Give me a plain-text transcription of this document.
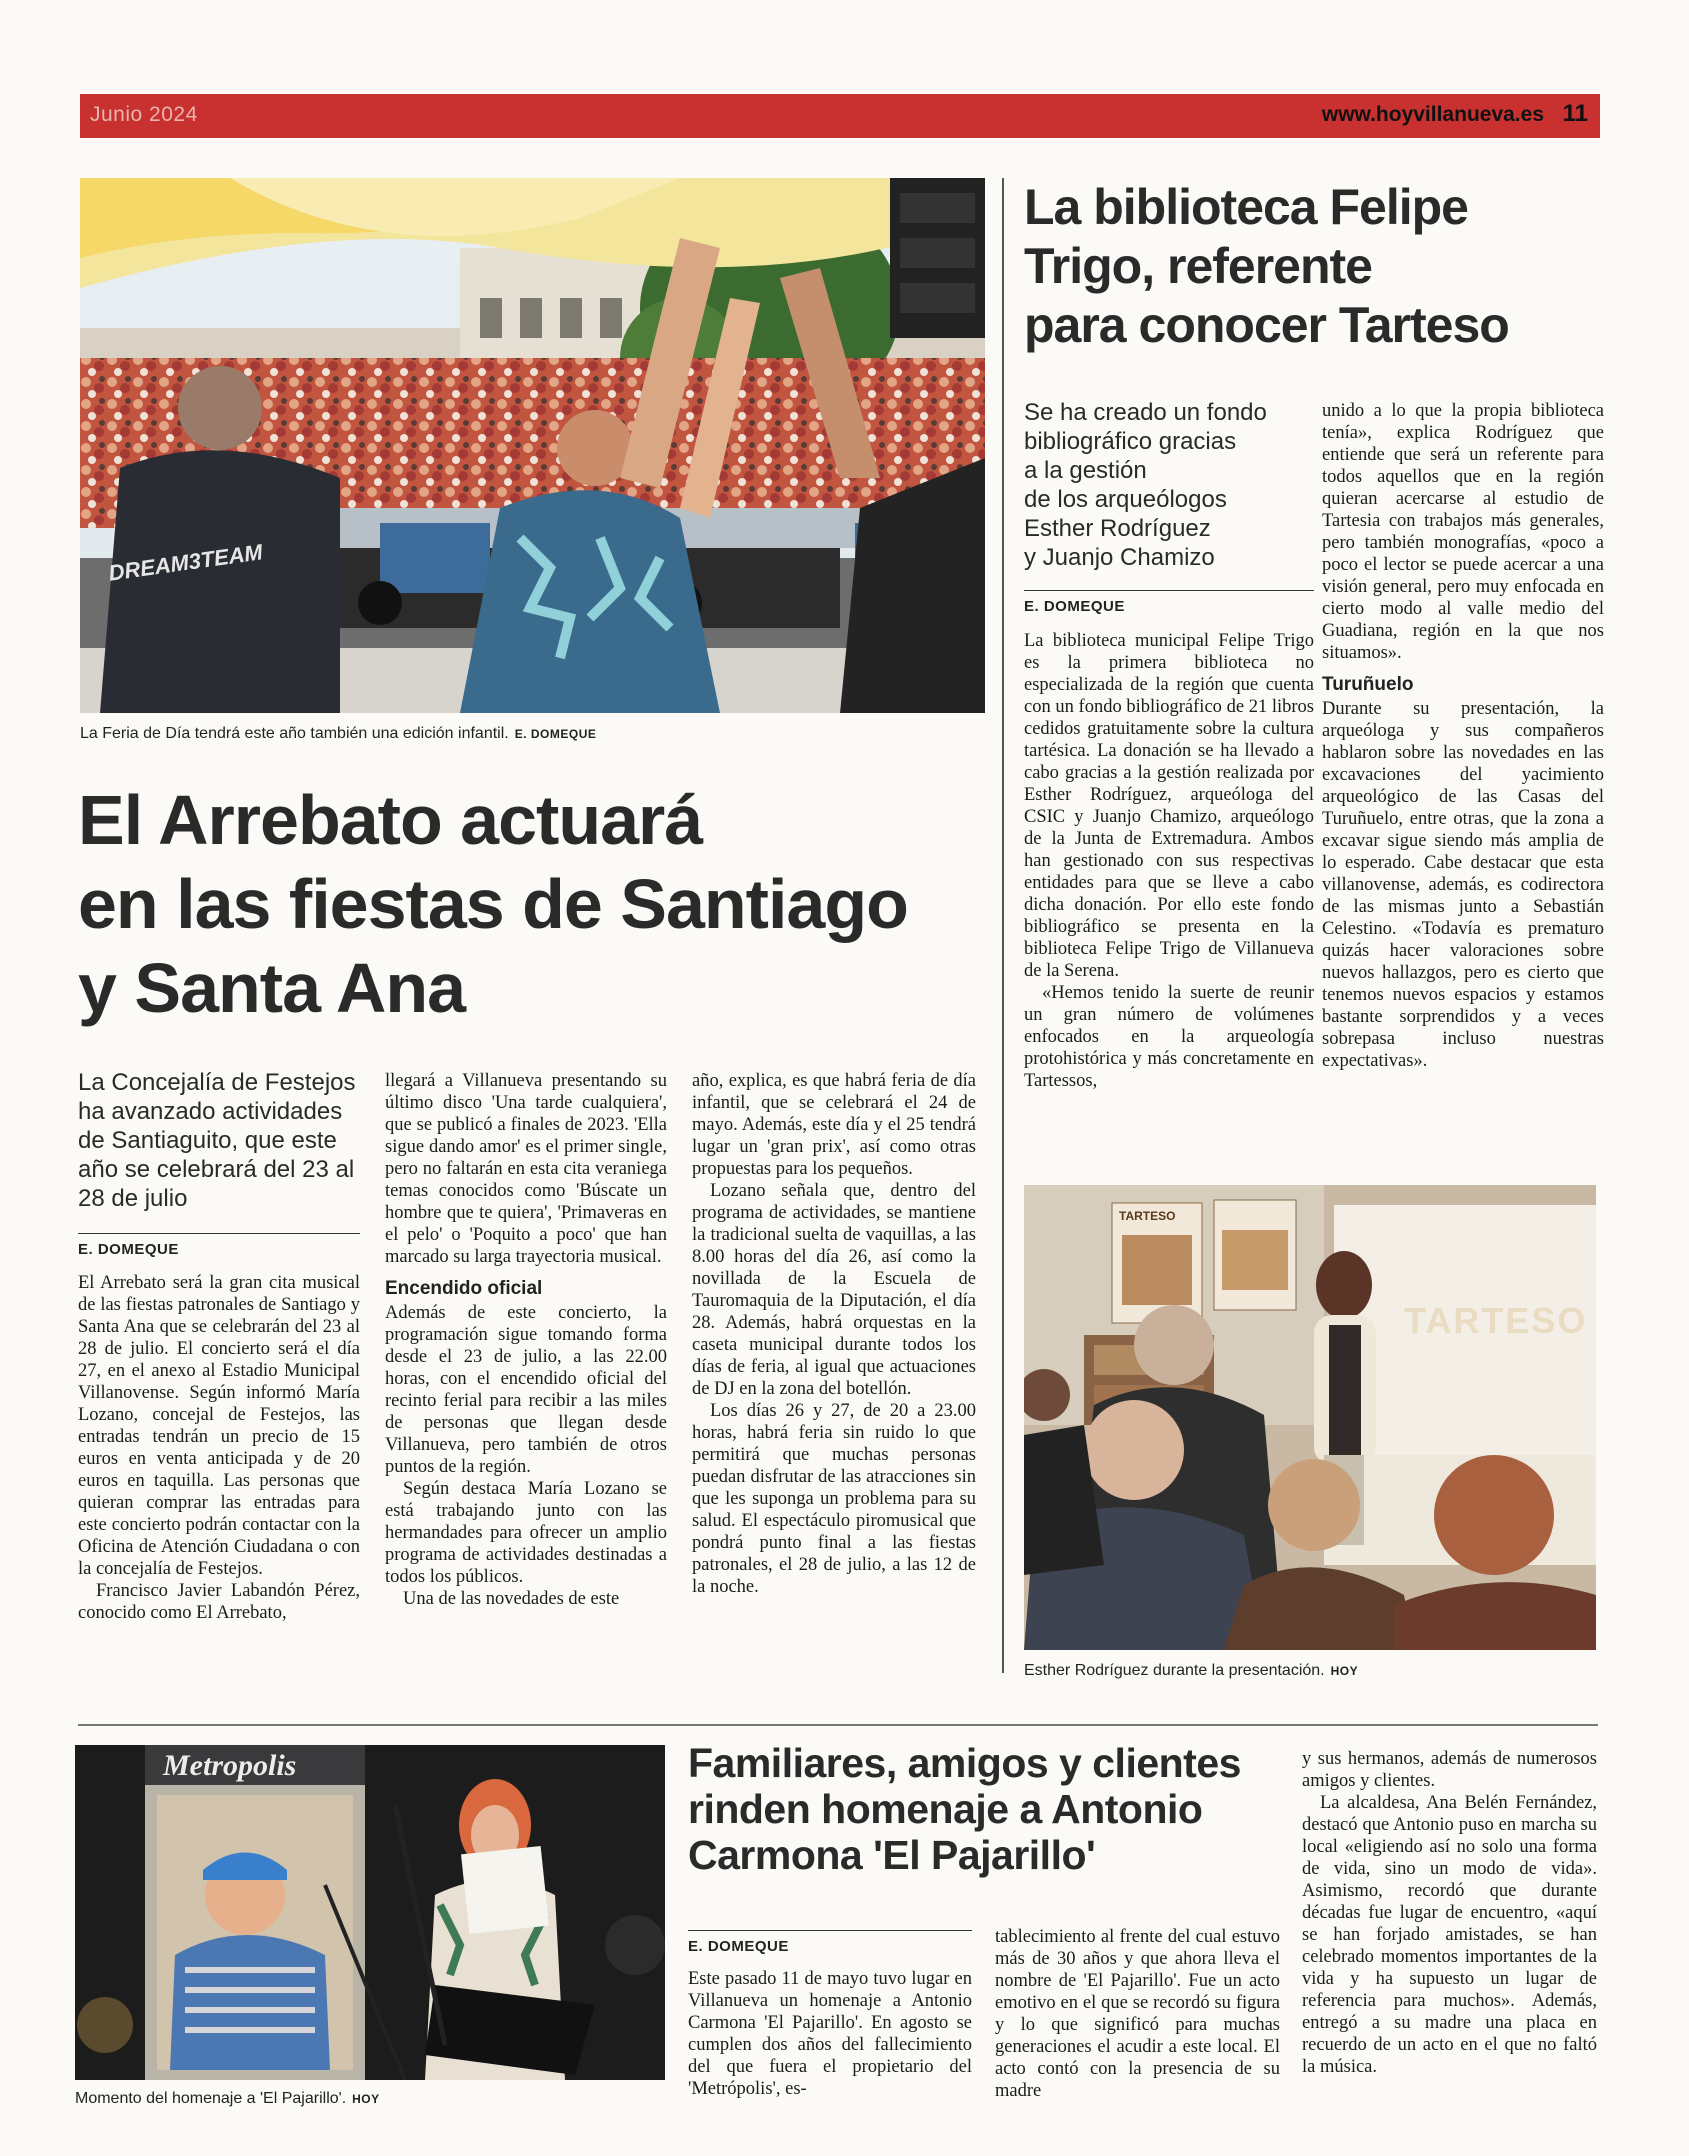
Junio 2024	www.hoyvillanueva.es 11
DREAM3TEAM
La Feria de Día tendrá este año también una edición infantil. E. DOMEQUE
El Arrebato actuará
en las fiestas de Santiago
y Santa Ana
La Concejalía de Festejos ha avanzado actividades de Santiaguito, que este año se celebrará del 23 al 28 de julio
E. DOMEQUE

El Arrebato será la gran cita musical de las fiestas patronales de Santiago y Santa Ana que se celebrarán del 23 al 28 de julio. El concierto será el día 27, en el anexo al Estadio Municipal Villanovense. Según informó María Lozano, concejal de Festejos, las entradas tendrán un precio de 15 euros en venta anticipada y de 20 euros en taquilla. Las personas que quieran comprar las entradas para este concierto podrán contactar con la Oficina de Atención Ciudadana o con la concejalía de Festejos.

Francisco Javier Labandón Pérez, conocido como El Arrebato,

llegará a Villanueva presentando su último disco 'Una tarde cualquiera', que se publicó a finales de 2023. 'Ella sigue dando amor' es el primer single, pero no faltarán en esta cita veraniega temas conocidos como 'Búscate un hombre que te quiera', 'Primaveras en el pelo' o 'Poquito a poco' que han marcado su larga trayectoria musical.

Encendido oficial

Además de este concierto, la programación sigue tomando forma desde el 23 de julio, a las 22.00 horas, con el encendido oficial del recinto ferial para recibir a las miles de personas que llegan desde Villanueva, pero también de otros puntos de la región.

Según destaca María Lozano se está trabajando junto con las hermandades para ofrecer un amplio programa de actividades destinadas a todos los públicos.

Una de las novedades de este

año, explica, es que habrá feria de día infantil, que se celebrará el 24 de mayo. Además, este día y el 25 tendrá lugar un 'gran prix', así como otras propuestas para los pequeños.

Lozano señala que, dentro del programa de actividades, se mantiene la tradicional suelta de vaquillas, a las 8.00 horas del día 26, así como la novillada de la Escuela de Tauromaquia de la Diputación, el día 28. Además, habrá orquestas en la caseta municipal durante todos los días de feria, al igual que actuaciones de DJ en la zona del botellón.

Los días 26 y 27, de 20 a 23.00 horas, habrá feria sin ruido lo que permitirá que muchas personas puedan disfrutar de las atracciones sin que les suponga un problema para su salud. El espectáculo piromusical que pondrá punto final a las fiestas patronales, el 28 de julio, a las 12 de la noche.

La biblioteca Felipe
Trigo, referente
para conocer Tarteso
Se ha creado un fondo
bibliográfico gracias
a la gestión
de los arqueólogos
Esther Rodríguez
y Juanjo Chamizo
E. DOMEQUE

La biblioteca municipal Felipe Trigo es la primera biblioteca no especializada de la región que cuenta con un fondo bibliográfico de 21 libros cedidos gratuitamente sobre la cultura tartésica. La donación se ha llevado a cabo gracias a la gestión realizada por Esther Rodríguez, arqueóloga del CSIC y Juanjo Chamizo, arqueólogo de la Junta de Extremadura. Ambos han gestionado con sus respectivas entidades para que se lleve a cabo dicha donación. Por ello este fondo bibliográfico se presenta en la biblioteca Felipe Trigo de Villanueva de la Serena.

«Hemos tenido la suerte de reunir un gran número de volúmenes enfocados en la arqueología protohistórica y más concretamente en Tartessos,

unido a lo que la propia biblioteca tenía», explica Rodríguez que entiende que será un referente para todos aquellos que en la región quieran acercarse al estudio de Tartesia con trabajos más generales, pero también monografías, «poco a poco el lector se puede acercar a una visión general, pero muy enfocada en cierto modo al valle medio del Guadiana, región en la que nos situamos».

Turuñuelo

Durante su presentación, la arqueóloga y sus compañeros hablaron sobre las novedades en las excavaciones del yacimiento arqueológico de las Casas del Turuñuelo, entre otras, que la zona a excavar sigue siendo más amplia de lo esperado. Cabe destacar que esta villanovense, además, es codirectora de las mismas junto a Sebastián Celestino. «Todavía es prematuro quizás hacer valoraciones sobre nuevos hallazgos, pero es cierto que tenemos nuevos espacios y estamos bastante sorprendidos y a veces sobrepasa incluso nuestras expectativas».

TARTESO
TARTESO
Esther Rodríguez durante la presentación. HOY
Metropolis
Momento del homenaje a 'El Pajarillo'. HOY
Familiares, amigos y clientes
rinden homenaje a Antonio
Carmona 'El Pajarillo'
E. DOMEQUE

Este pasado 11 de mayo tuvo lugar en Villanueva un homenaje a Antonio Carmona 'El Pajarillo'. En agosto se cumplen dos años del fallecimiento del que fuera el propietario del 'Metrópolis', es-

tablecimiento al frente del cual estuvo más de 30 años y que ahora lleva el nombre de 'El Pajarillo'. Fue un acto emotivo en el que se recordó su figura y lo que significó para muchas generaciones el acudir a este local. El acto contó con la presencia de su madre

y sus hermanos, además de numerosos amigos y clientes.

La alcaldesa, Ana Belén Fernández, destacó que Antonio puso en marcha su local «eligiendo así no solo una forma de vida, sino un modo de vida». Asimismo, recordó que durante décadas fue lugar de encuentro, «aquí se han forjado amistades, se han celebrado momentos importantes de la vida y ha supuesto un lugar de referencia para muchos». Además, entregó a su madre una placa en recuerdo de un acto en el que no faltó la música.
